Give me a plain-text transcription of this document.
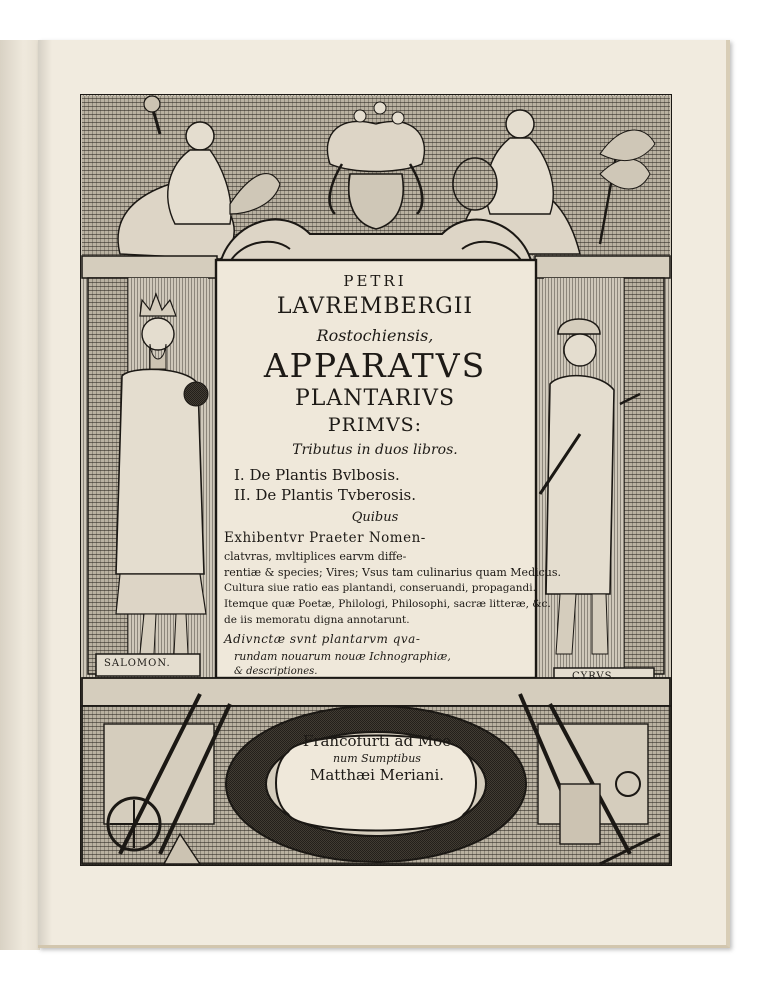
PETRI
LAVREMBERGII
Rostochiensis,
APPARATVS
PLANTARIVS
PRIMVS:
Tributus in duos libros.
I. De Plantis Bvlbosis.
II. De Plantis Tvberosis.
Quibus
Exhibentvr Praeter Nomen-
clatvras, mvltiplices earvm diffe-
rentiæ & species; Vires; Vsus tam culinarius quam Medicus.
Cultura siue ratio eas plantandi, conseruandi, propagandi.
Itemque quæ Poetæ, Philologi, Philosophi, sacræ litteræ, &c.
de iis memoratu digna annotarunt.
Adivnctæ svnt plantarvm qva-
rundam nouarum nouæ Ichnographiæ,
& descriptiones.
Francofurti ad Moe
num Sumptibus
Matthæi Meriani.
SALOMON.
CYRVS.
